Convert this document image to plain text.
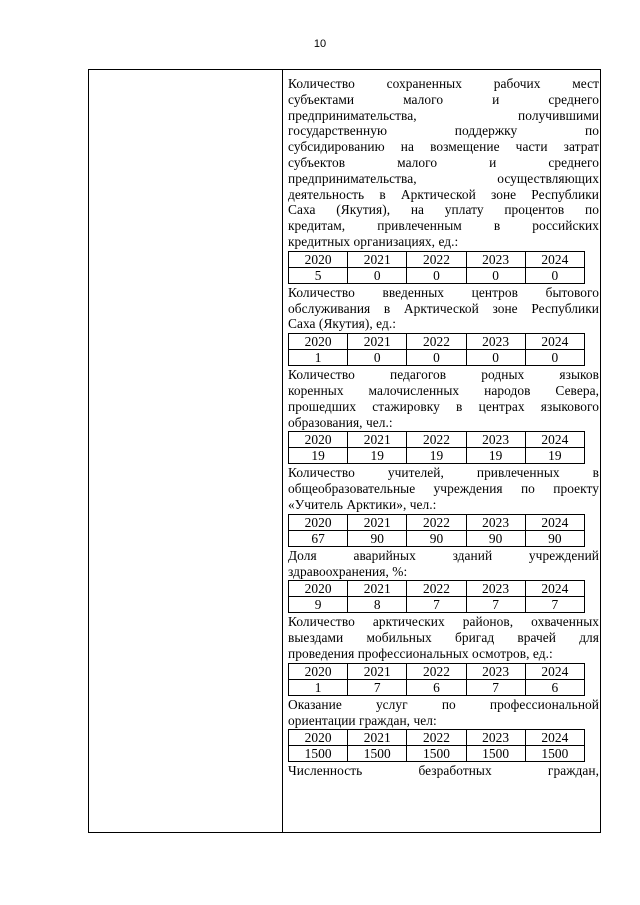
10
Количество сохраненных рабочих мест
субъектами малого и среднего
предпринимательства, получившими
государственную поддержку по
субсидированию на возмещение части затрат
субъектов малого и среднего
предпринимательства, осуществляющих
деятельность в Арктической зоне Республики
Саха (Якутия), на уплату процентов по
кредитам, привлеченным в российских
кредитных организациях, ед.:
2020	2021	2022	2023	2024
5	0	0	0	0
Количество введенных центров бытового
обслуживания в Арктической зоне Республики
Саха (Якутия), ед.:
2020	2021	2022	2023	2024
1	0	0	0	0
Количество педагогов родных языков
коренных малочисленных народов Севера,
прошедших стажировку в центрах языкового
образования, чел.:
2020	2021	2022	2023	2024
19	19	19	19	19
Количество учителей, привлеченных в
общеобразовательные учреждения по проекту
«Учитель Арктики», чел.:
2020	2021	2022	2023	2024
67	90	90	90	90
Доля аварийных зданий учреждений
здравоохранения, %:
2020	2021	2022	2023	2024
9	8	7	7	7
Количество арктических районов, охваченных
выездами мобильных бригад врачей для
проведения профессиональных осмотров, ед.:
2020	2021	2022	2023	2024
1	7	6	7	6
Оказание услуг по профессиональной
ориентации граждан, чел:
2020	2021	2022	2023	2024
1500	1500	1500	1500	1500
Численность безработных граждан,
